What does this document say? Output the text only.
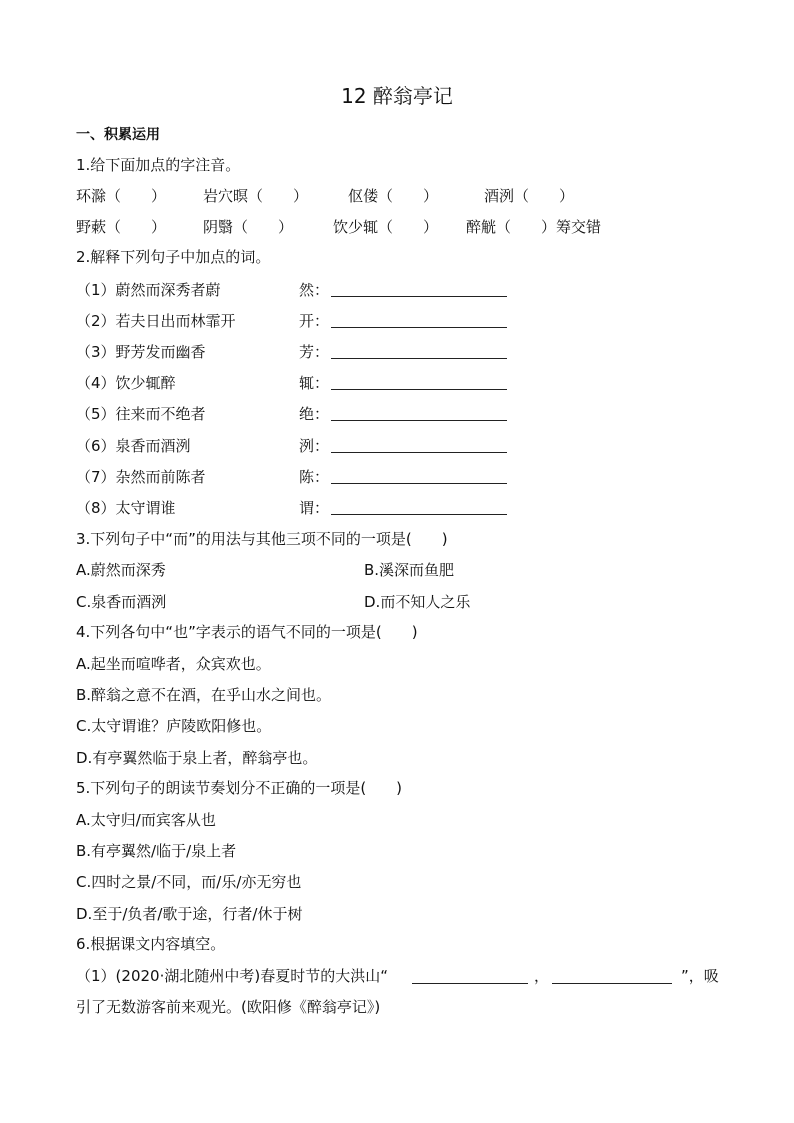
12 醉翁亭记
一、积累运用
1.给下面加点的字注音。
环滁（　　） 岩穴暝（　　）	伛偻（　　）	酒洌（　　）
野蔌（　　） 阴翳（　　）	饮少辄（　　） 醉觥（　　）筹交错
2.解释下列句子中加点的词。
（1）蔚然而深秀者蔚	然：
（2）若夫日出而林霏开	开：
（3）野芳发而幽香	芳：
（4）饮少辄醉	辄：
（5）往来而不绝者	绝：
（6）泉香而酒洌	洌：
（7）杂然而前陈者	陈：
（8）太守谓谁	谓：
3.下列句子中“而”的用法与其他三项不同的一项是(　　)
A.蔚然而深秀	B.溪深而鱼肥
C.泉香而酒洌	D.而不知人之乐
4.下列各句中“也”字表示的语气不同的一项是(　　)
A.起坐而喧哗者，众宾欢也。
B.醉翁之意不在酒，在乎山水之间也。
C.太守谓谁？庐陵欧阳修也。
D.有亭翼然临于泉上者，醉翁亭也。
5.下列句子的朗读节奏划分不正确的一项是(　　)
A.太守归/而宾客从也
B.有亭翼然/临于/泉上者
C.四时之景/不同，而/乐/亦无穷也
D.至于/负者/歌于途，行者/休于树
6.根据课文内容填空。
（1）(2020·湖北随州中考)春夏时节的大洪山“	，	”，吸
引了无数游客前来观光。(欧阳修《醉翁亭记》)
